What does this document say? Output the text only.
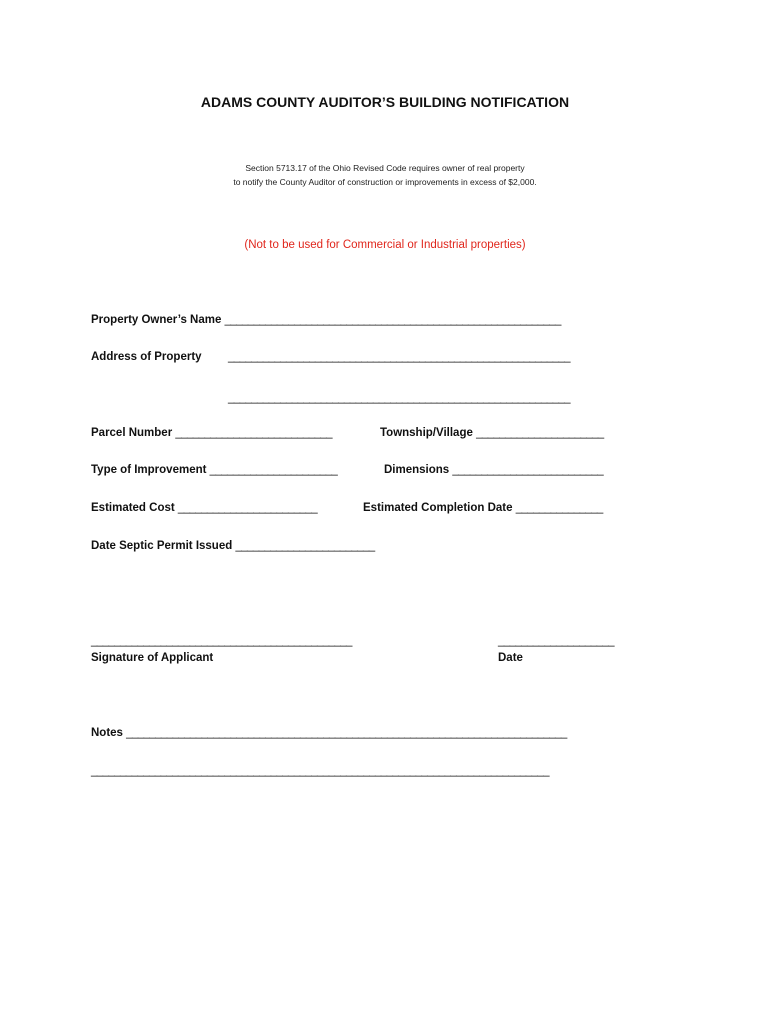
ADAMS COUNTY AUDITOR’S BUILDING NOTIFICATION
Section 5713.17 of the Ohio Revised Code requires owner of real property
to notify the County Auditor of construction or improvements in excess of $2,000.
(Not to be used for Commercial or Industrial properties)
Property Owner’s Name __________________________________________________________
Address of Property ___________________________________________________________
___________________________________________________________
Parcel Number ___________________________	Township/Village ______________________
Type of Improvement ______________________	Dimensions __________________________
Estimated Cost ________________________	Estimated Completion Date _______________
Date Septic Permit Issued ________________________
_____________________________________________
Signature of Applicant
____________________
Date
Notes ____________________________________________________________________________
_______________________________________________________________________________
